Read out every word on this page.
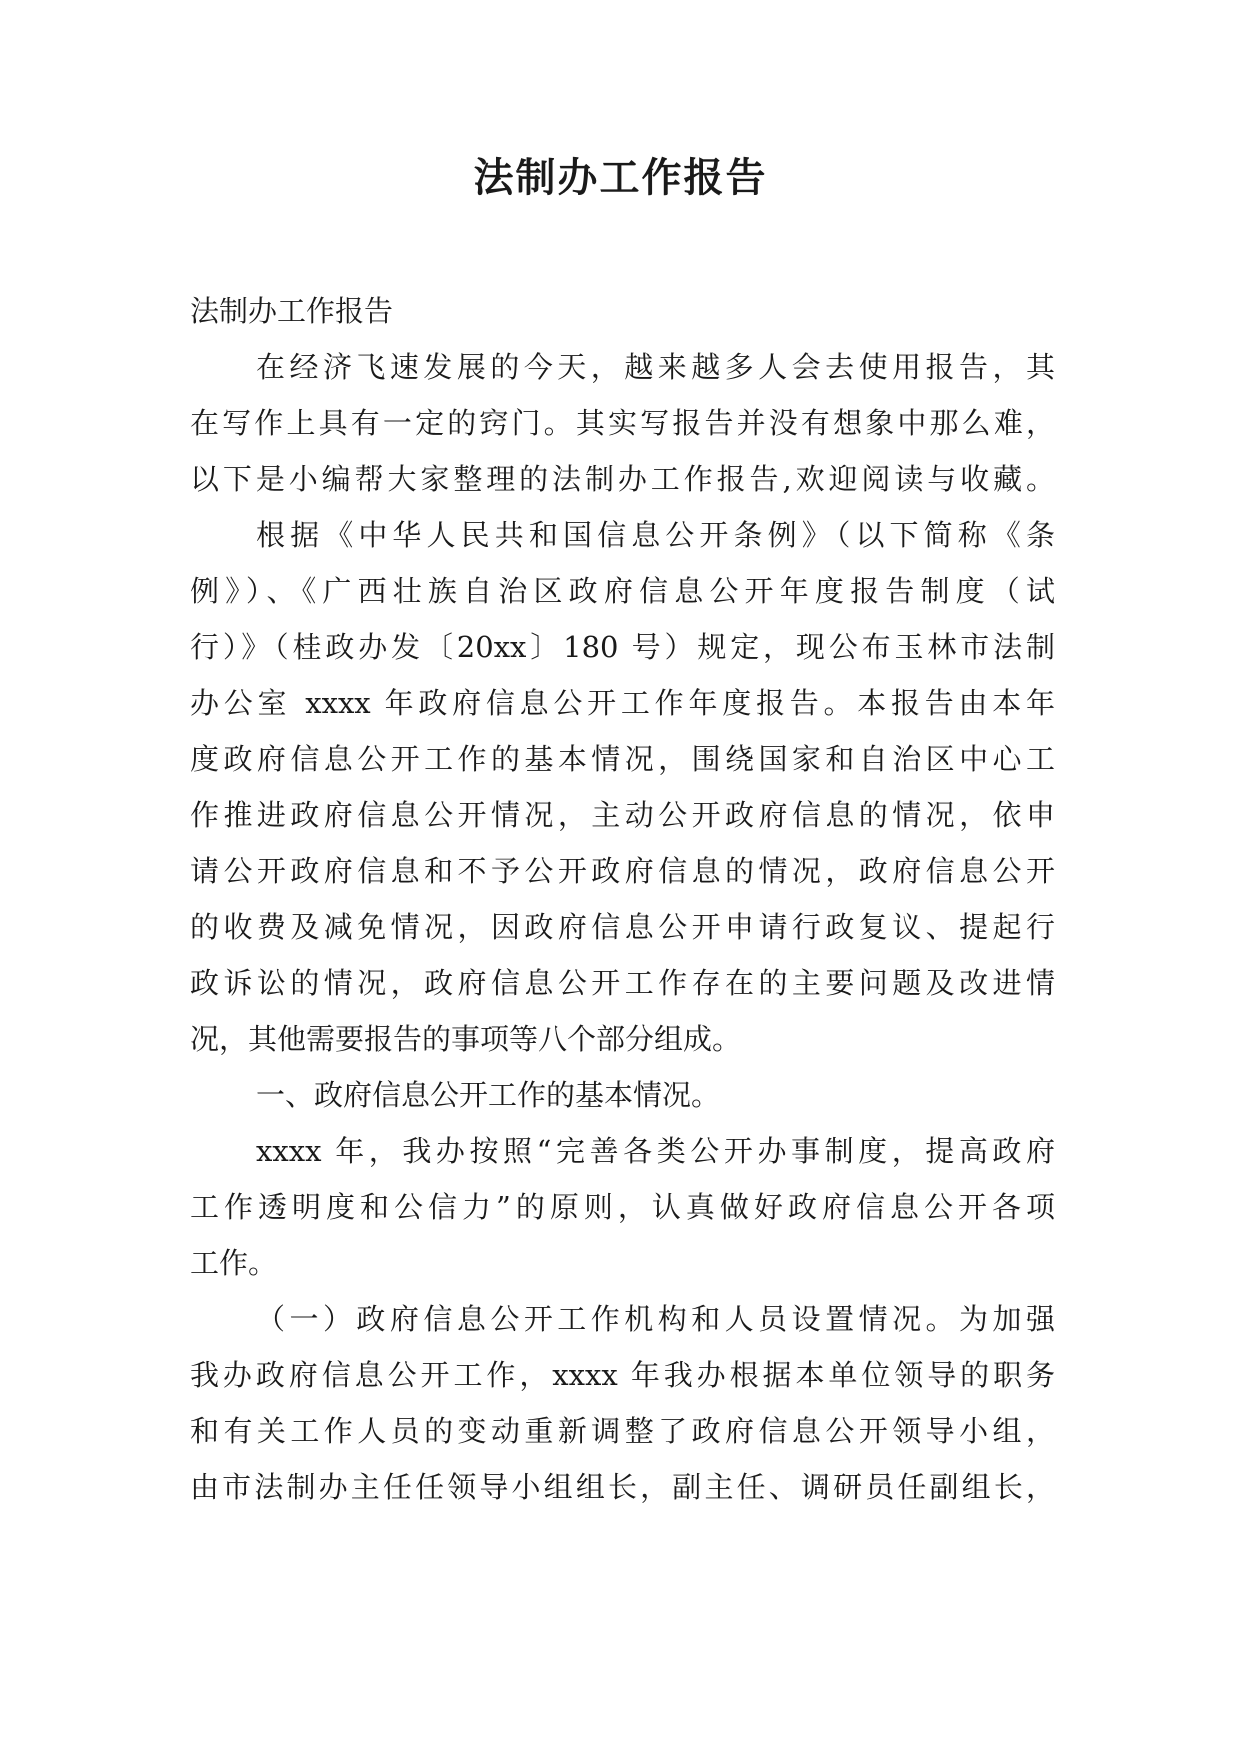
法制办工作报告
法制办工作报告
在经济飞速发展的今天，越来越多人会去使用报告，其
在写作上具有一定的窍门。其实写报告并没有想象中那么难，
以下是小编帮大家整理的法制办工作报告,欢迎阅读与收藏。
根据《中华人民共和国信息公开条例》（以下简称《条
例》）、《广西壮族自治区政府信息公开年度报告制度（试
行）》（桂政办发〔20xx〕180 号）规定，现公布玉林市法制
办公室 xxxx 年政府信息公开工作年度报告。本报告由本年
度政府信息公开工作的基本情况，围绕国家和自治区中心工
作推进政府信息公开情况，主动公开政府信息的情况，依申
请公开政府信息和不予公开政府信息的情况，政府信息公开
的收费及减免情况，因政府信息公开申请行政复议、提起行
政诉讼的情况，政府信息公开工作存在的主要问题及改进情
况，其他需要报告的事项等八个部分组成。
一、政府信息公开工作的基本情况。
xxxx 年，我办按照“完善各类公开办事制度，提高政府
工作透明度和公信力”的原则，认真做好政府信息公开各项
工作。
（一）政府信息公开工作机构和人员设置情况。为加强
我办政府信息公开工作，xxxx 年我办根据本单位领导的职务
和有关工作人员的变动重新调整了政府信息公开领导小组，
由市法制办主任任领导小组组长，副主任、调研员任副组长，
